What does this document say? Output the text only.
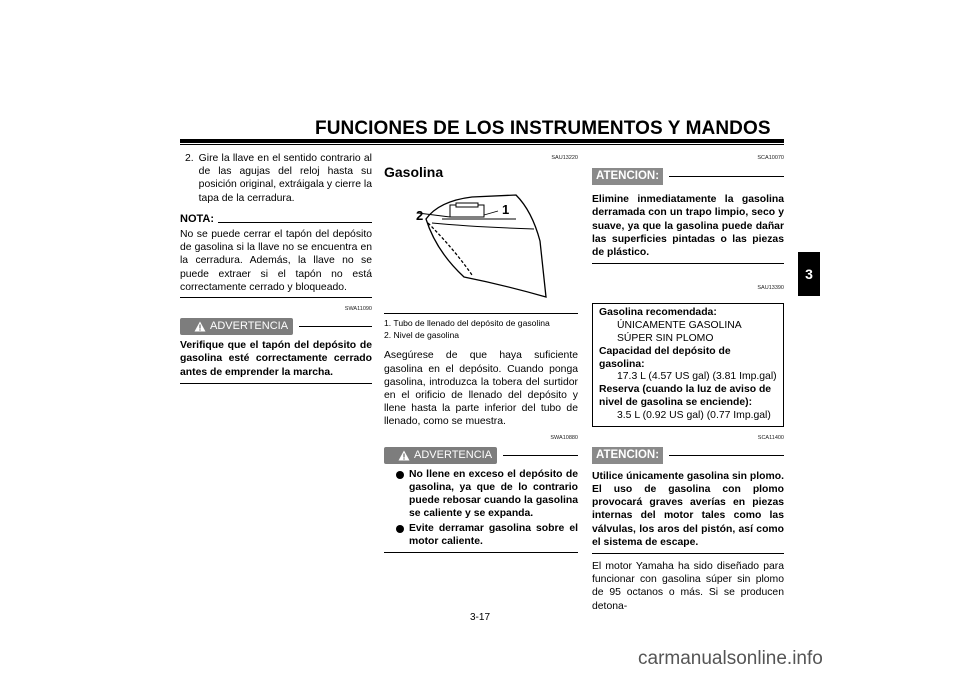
FUNCIONES DE LOS INSTRUMENTOS Y MANDOS
3
2. Gire la llave en el sentido contrario al de las agujas del reloj hasta su posición original, extráigala y cierre la tapa de la cerradura.
NOTA:
No se puede cerrar el tapón del depósito de gasolina si la llave no se encuentra en la cerradura. Además, la llave no se puede extraer si el tapón no está correctamente cerrado y bloqueado.
SWA11090
ADVERTENCIA
Verifique que el tapón del depósito de gasolina esté correctamente cerrado antes de emprender la marcha.
SAU13220
Gasolina
2	1
1. Tubo de llenado del depósito de gasolina
2. Nivel de gasolina
Asegúrese de que haya suficiente gasolina en el depósito. Cuando ponga gasolina, introduzca la tobera del surtidor en el orificio de llenado del depósito y llene hasta la parte inferior del tubo de llenado, como se muestra.
SWA10880
ADVERTENCIA
No llene en exceso el depósito de gasolina, ya que de lo contrario puede rebosar cuando la gasolina se caliente y se expanda.
Evite derramar gasolina sobre el motor caliente.
SCA10070
ATENCION:
Elimine inmediatamente la gasolina derramada con un trapo limpio, seco y suave, ya que la gasolina puede dañar las superficies pintadas o las piezas de plástico.
SAU13390
Gasolina recomendada:
ÚNICAMENTE GASOLINA SÚPER SIN PLOMO
Capacidad del depósito de gasolina:
17.3 L (4.57 US gal) (3.81 Imp.gal)
Reserva (cuando la luz de aviso de nivel de gasolina se enciende):
3.5 L (0.92 US gal) (0.77 Imp.gal)
SCA11400
ATENCION:
Utilice únicamente gasolina sin plomo. El uso de gasolina con plomo provocará graves averías en piezas internas del motor tales como las válvulas, los aros del pistón, así como el sistema de escape.
El motor Yamaha ha sido diseñado para funcionar con gasolina súper sin plomo de 95 octanos o más. Si se producen detona-
3-17
carmanualsonline.info
